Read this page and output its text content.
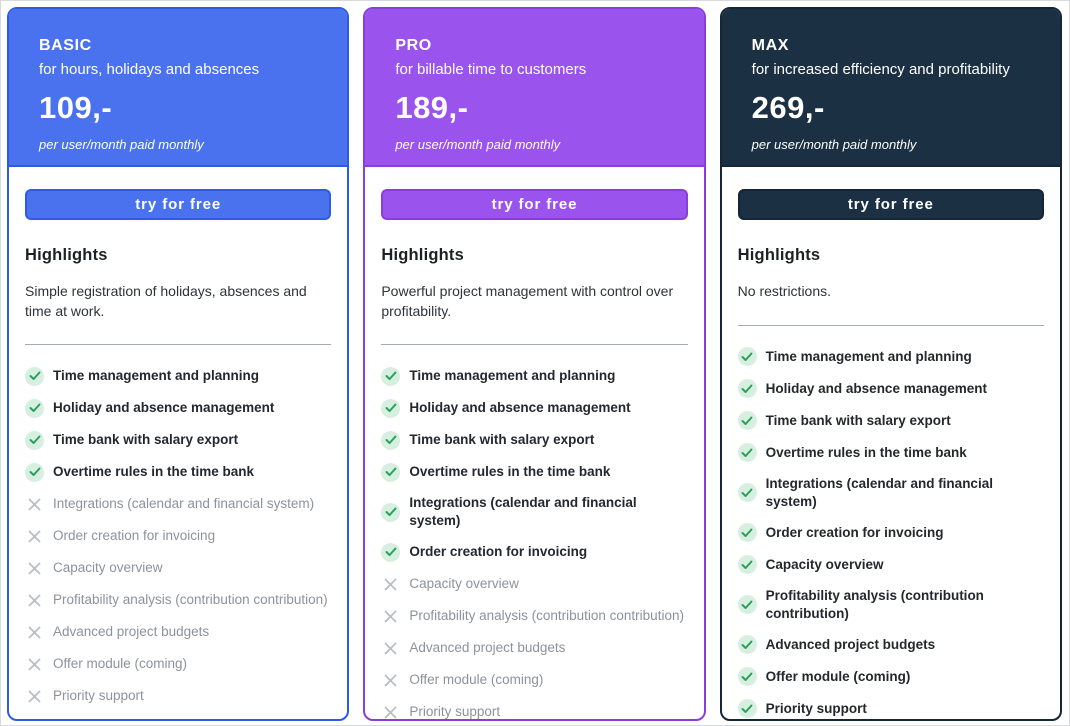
BASIC

for hours, holidays and absences

109,-

per user/month paid monthly

try for free
Highlights

Simple registration of holidays, absences and time at work.

Time management and planning
Holiday and absence management
Time bank with salary export
Overtime rules in the time bank
Integrations (calendar and financial system)
Order creation for invoicing
Capacity overview
Profitability analysis (contribution contribution)
Advanced project budgets
Offer module (coming)
Priority support
PRO

for billable time to customers

189,-

per user/month paid monthly

try for free
Highlights

Powerful project management with control over profitability.

Time management and planning
Holiday and absence management
Time bank with salary export
Overtime rules in the time bank
Integrations (calendar and financial system)
Order creation for invoicing
Capacity overview
Profitability analysis (contribution contribution)
Advanced project budgets
Offer module (coming)
Priority support
MAX

for increased efficiency and profitability

269,-

per user/month paid monthly

try for free
Highlights

No restrictions.

Time management and planning
Holiday and absence management
Time bank with salary export
Overtime rules in the time bank
Integrations (calendar and financial system)
Order creation for invoicing
Capacity overview
Profitability analysis (contribution contribution)
Advanced project budgets
Offer module (coming)
Priority support
